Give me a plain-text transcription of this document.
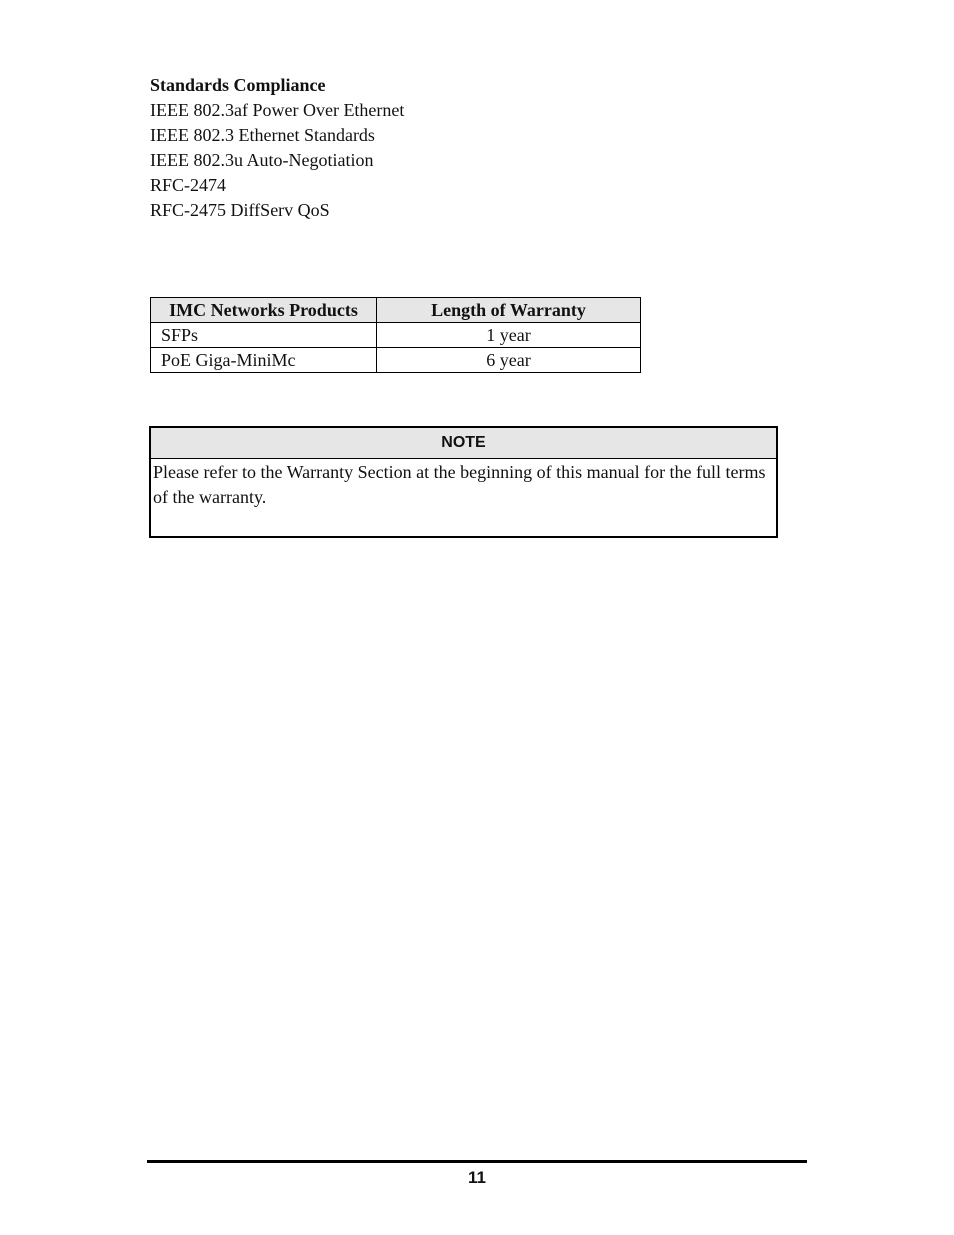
Standards Compliance
IEEE 802.3af Power Over Ethernet
IEEE 802.3 Ethernet Standards
IEEE 802.3u Auto-Negotiation
RFC-2474
RFC-2475 DiffServ QoS
IMC Networks Products	Length of Warranty
SFPs	1 year
PoE Giga-MiniMc	6 year
NOTE
Please refer to the Warranty Section at the beginning of this manual for the full terms of the warranty.
11
